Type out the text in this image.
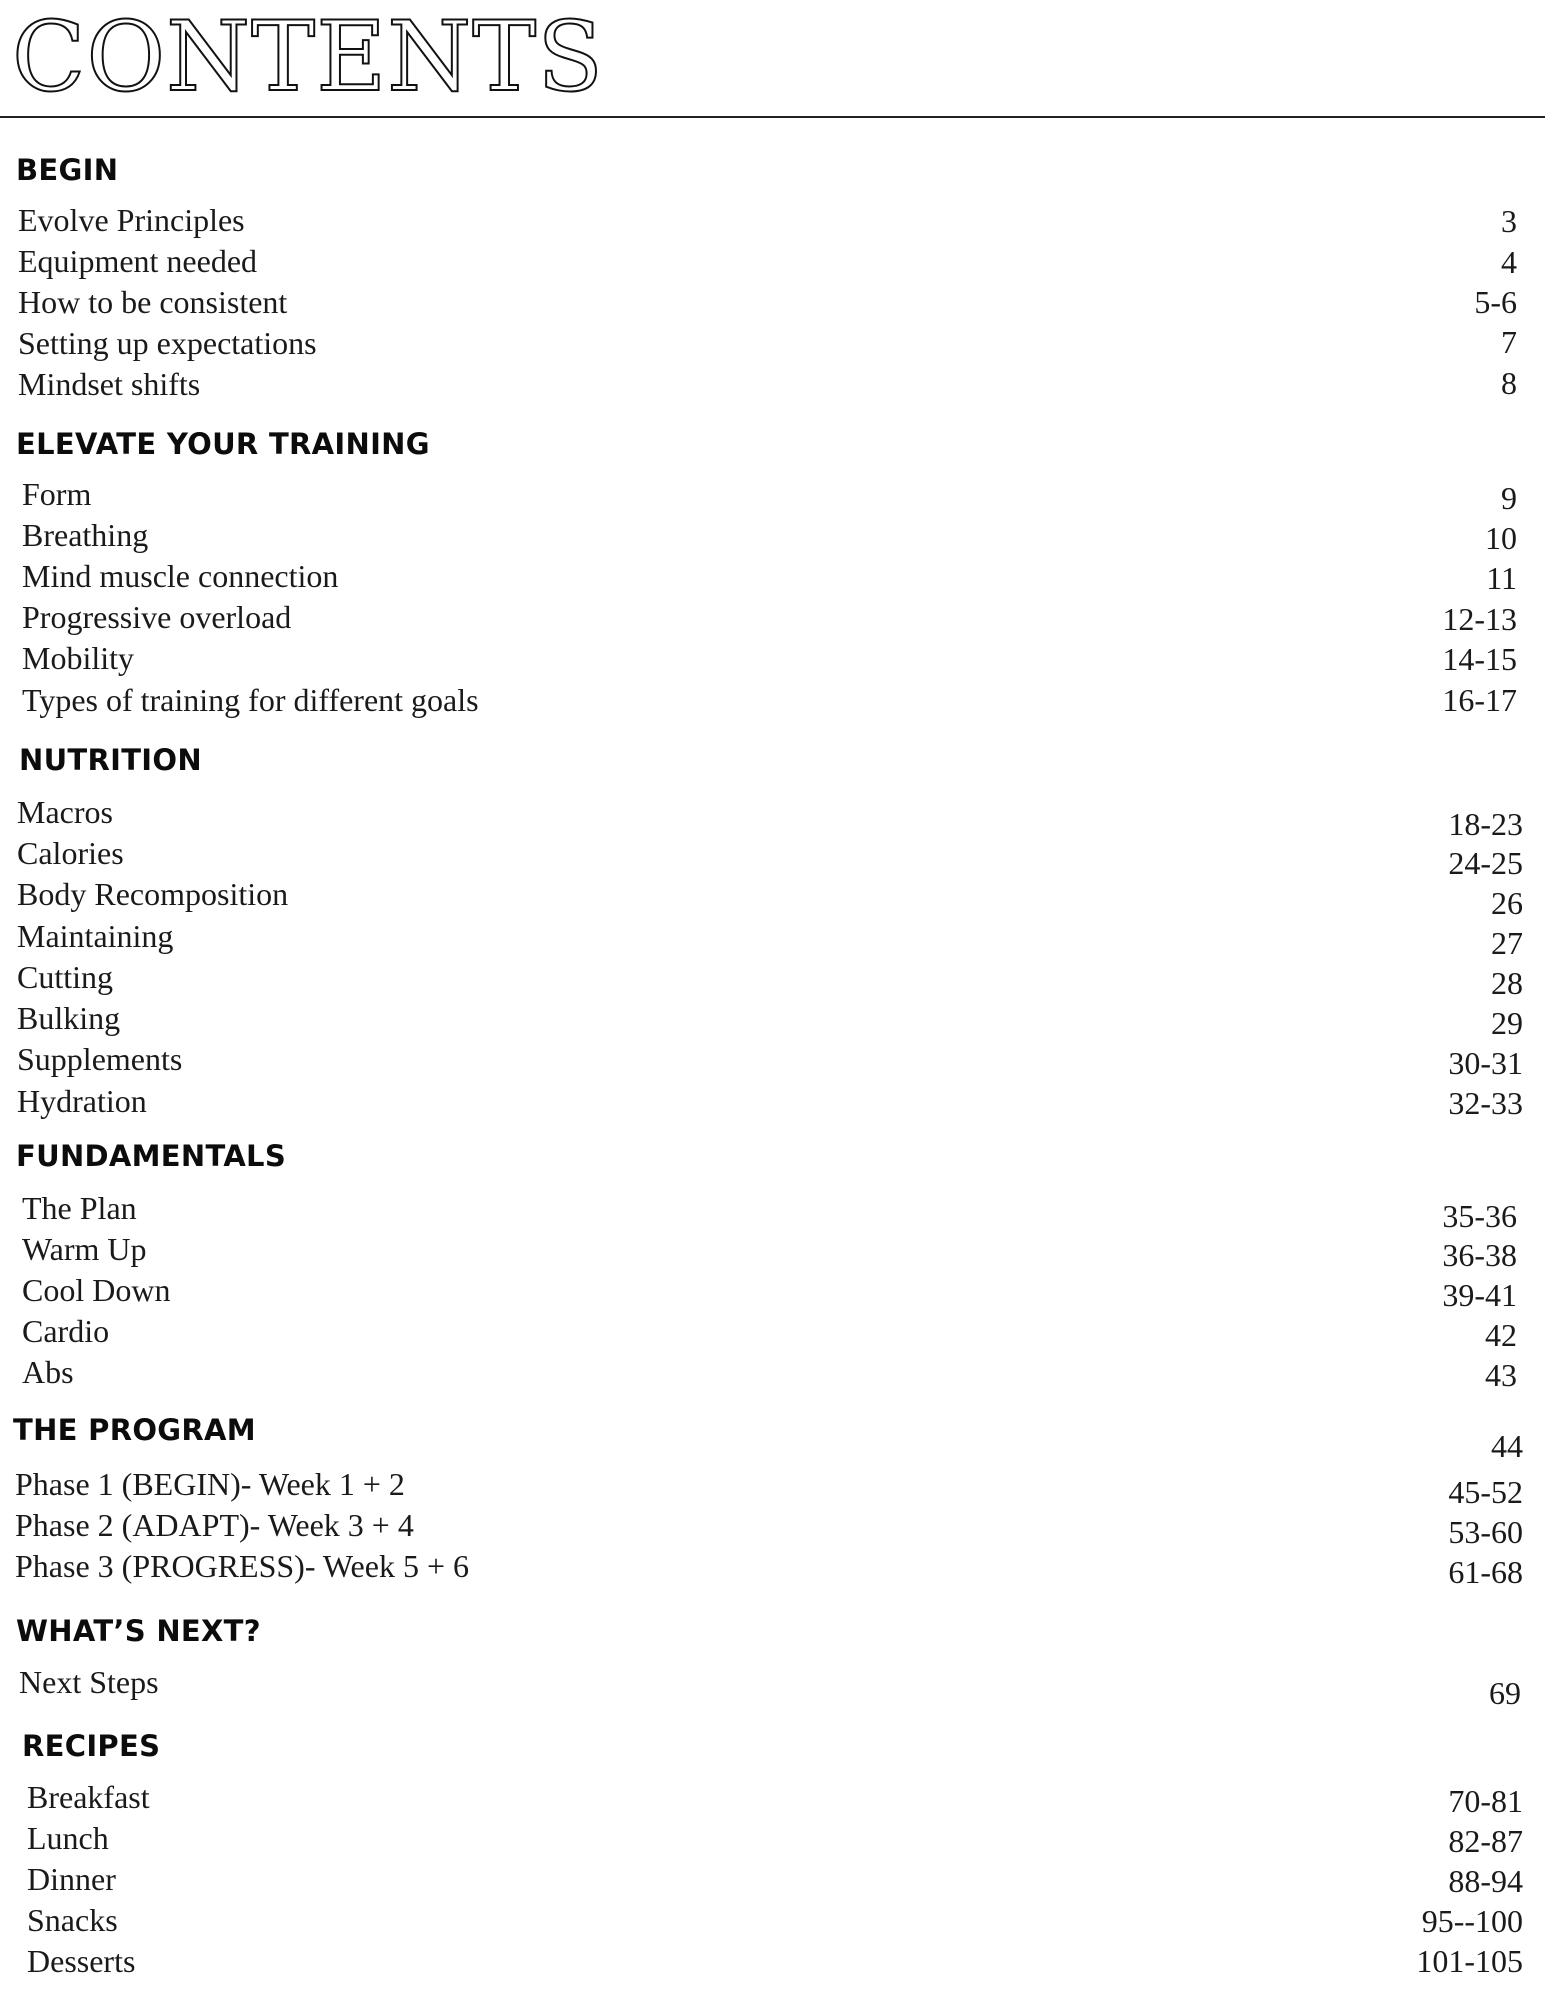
CONTENTS
BEGIN
Evolve Principles	3
Equipment needed	4
How to be consistent	5-6
Setting up expectations	7
Mindset shifts	8
ELEVATE YOUR TRAINING
Form	9
Breathing	10
Mind muscle connection	11
Progressive overload	12-13
Mobility	14-15
Types of training for different goals	16-17
NUTRITION
Macros	18-23
Calories	24-25
Body Recomposition	26
Maintaining	27
Cutting	28
Bulking	29
Supplements	30-31
Hydration	32-33
FUNDAMENTALS
The Plan	35-36
Warm Up	36-38
Cool Down	39-41
Cardio	42
Abs	43
THE PROGRAM	44
Phase 1 (BEGIN)- Week 1 + 2	45-52
Phase 2 (ADAPT)- Week 3 + 4	53-60
Phase 3 (PROGRESS)- Week 5 + 6	61-68
WHAT’S NEXT?
Next Steps	69
RECIPES
Breakfast	70-81
Lunch	82-87
Dinner	88-94
Snacks	95--100
Desserts	101-105
